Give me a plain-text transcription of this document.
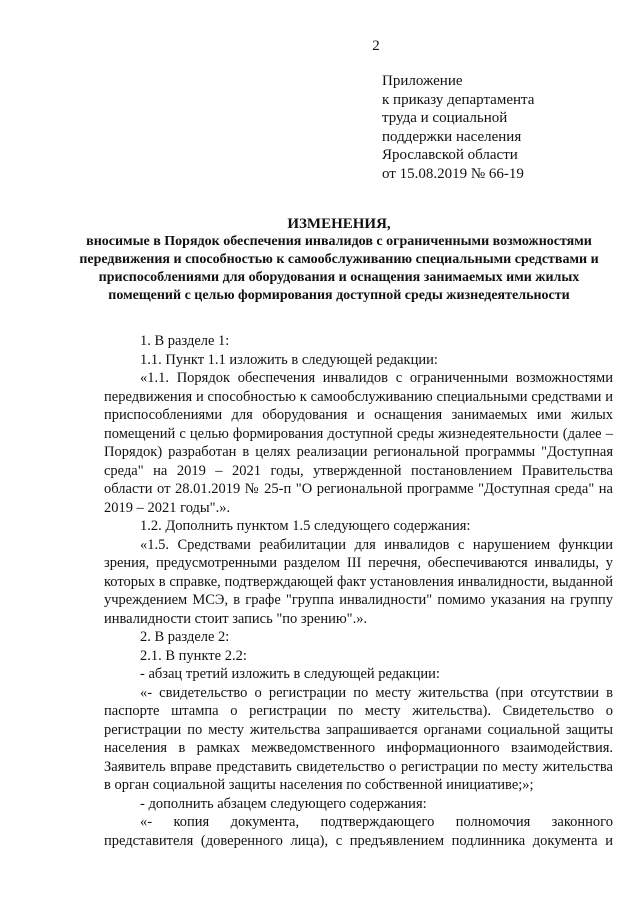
2
Приложение
к приказу департамента
труда и социальной
поддержки населения
Ярославской области
от 15.08.2019 № 66-19
ИЗМЕНЕНИЯ,
вносимые в Порядок обеспечения инвалидов с ограниченными возможностями передвижения и способностью к самообслуживанию специальными средствами и приспособлениями для оборудования и оснащения занимаемых ими жилых помещений с целью формирования доступной среды жизнедеятельности

1. В разделе 1:

1.1. Пункт 1.1 изложить в следующей редакции:

«1.1. Порядок обеспечения инвалидов с ограниченными возможностями передвижения и способностью к самообслуживанию специальными средствами и приспособлениями для оборудования и оснащения занимаемых ими жилых помещений с целью формирования доступной среды жизнедеятельности (далее – Порядок) разработан в целях реализации региональной программы "Доступная среда" на 2019 – 2021 годы, утвержденной постановлением Правительства области от 28.01.2019 № 25-п "О региональной программе "Доступная среда" на 2019 – 2021 годы".».

1.2. Дополнить пунктом 1.5 следующего содержания:

«1.5. Средствами реабилитации для инвалидов с нарушением функции зрения, предусмотренными разделом III перечня, обеспечиваются инвалиды, у которых в справке, подтверждающей факт установления инвалидности, выданной учреждением МСЭ, в графе "группа инвалидности" помимо указания на группу инвалидности стоит запись "по зрению".».

2. В разделе 2:

2.1. В пункте 2.2:

- абзац третий изложить в следующей редакции:

«- свидетельство о регистрации по месту жительства (при отсутствии в паспорте штампа о регистрации по месту жительства). Свидетельство о регистрации по месту жительства запрашивается органами социальной защиты населения в рамках межведомственного информационного взаимодействия. Заявитель вправе представить свидетельство о регистрации по месту жительства в орган социальной защиты населения по собственной инициативе;»;

- дополнить абзацем следующего содержания:

«- копия документа, подтверждающего полномочия законного представителя (доверенного лица), с предъявлением подлинника документа и
